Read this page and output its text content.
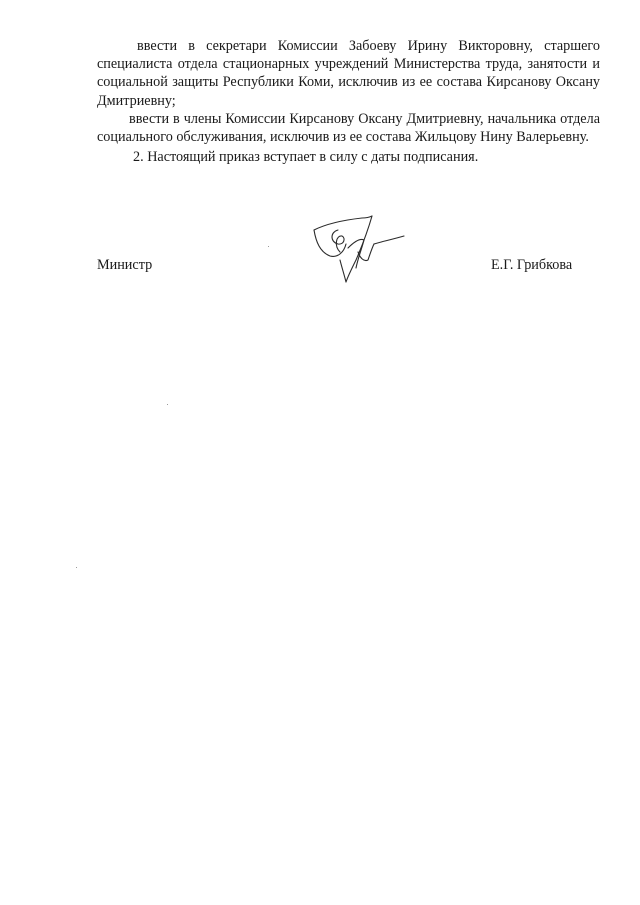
ввести в секретари Комиссии Забоеву Ирину Викторовну, старшего специалиста отдела стационарных учреждений Министерства труда, занятости и социальной защиты Республики Коми, исключив из ее состава Кирсанову Оксану Дмитриевну;

ввести в члены Комиссии Кирсанову Оксану Дмитриевну, начальника отдела социального обслуживания, исключив из ее состава Жильцову Нину Валерьевну.

2. Настоящий приказ вступает в силу с даты подписания.

Министр	Е.Г. Грибкова
